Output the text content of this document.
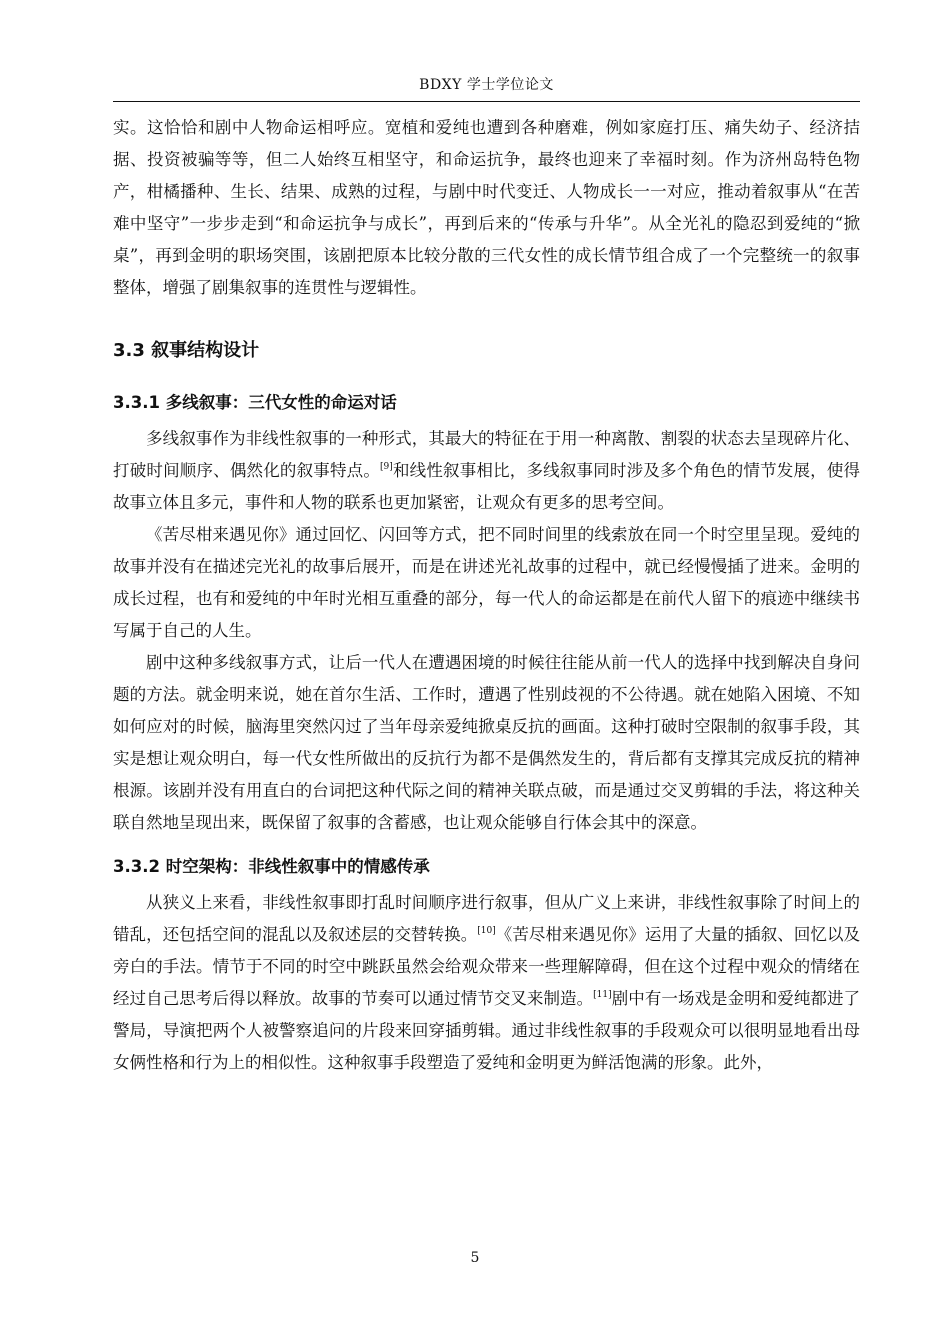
BDXY 学士学位论文

实。这恰恰和剧中人物命运相呼应。宽植和爱纯也遭到各种磨难，例如家庭打压、痛失幼子、经济拮据、投资被骗等等，但二人始终互相坚守，和命运抗争，最终也迎来了幸福时刻。作为济州岛特色物产，柑橘播种、生长、结果、成熟的过程，与剧中时代变迁、人物成长一一对应，推动着叙事从“在苦难中坚守”一步步走到“和命运抗争与成长”，再到后来的“传承与升华”。从全光礼的隐忍到爱纯的“掀桌”，再到金明的职场突围，该剧把原本比较分散的三代女性的成长情节组合成了一个完整统一的叙事整体，增强了剧集叙事的连贯性与逻辑性。

3.3 叙事结构设计
3.3.1 多线叙事：三代女性的命运对话

多线叙事作为非线性叙事的一种形式，其最大的特征在于用一种离散、割裂的状态去呈现碎片化、打破时间顺序、偶然化的叙事特点。[9]和线性叙事相比，多线叙事同时涉及多个角色的情节发展，使得故事立体且多元，事件和人物的联系也更加紧密，让观众有更多的思考空间。

《苦尽柑来遇见你》通过回忆、闪回等方式，把不同时间里的线索放在同一个时空里呈现。爱纯的故事并没有在描述完光礼的故事后展开，而是在讲述光礼故事的过程中，就已经慢慢插了进来。金明的成长过程，也有和爱纯的中年时光相互重叠的部分，每一代人的命运都是在前代人留下的痕迹中继续书写属于自己的人生。

剧中这种多线叙事方式，让后一代人在遭遇困境的时候往往能从前一代人的选择中找到解决自身问题的方法。就金明来说，她在首尔生活、工作时，遭遇了性别歧视的不公待遇。就在她陷入困境、不知如何应对的时候，脑海里突然闪过了当年母亲爱纯掀桌反抗的画面。这种打破时空限制的叙事手段，其实是想让观众明白，每一代女性所做出的反抗行为都不是偶然发生的，背后都有支撑其完成反抗的精神根源。该剧并没有用直白的台词把这种代际之间的精神关联点破，而是通过交叉剪辑的手法，将这种关联自然地呈现出来，既保留了叙事的含蓄感，也让观众能够自行体会其中的深意。

3.3.2 时空架构：非线性叙事中的情感传承

从狭义上来看，非线性叙事即打乱时间顺序进行叙事，但从广义上来讲，非线性叙事除了时间上的错乱，还包括空间的混乱以及叙述层的交替转换。[10]《苦尽柑来遇见你》运用了大量的插叙、回忆以及旁白的手法。情节于不同的时空中跳跃虽然会给观众带来一些理解障碍，但在这个过程中观众的情绪在经过自己思考后得以释放。故事的节奏可以通过情节交叉来制造。[11]剧中有一场戏是金明和爱纯都进了警局，导演把两个人被警察追问的片段来回穿插剪辑。通过非线性叙事的手段观众可以很明显地看出母女俩性格和行为上的相似性。这种叙事手段塑造了爱纯和金明更为鲜活饱满的形象。此外，

5
